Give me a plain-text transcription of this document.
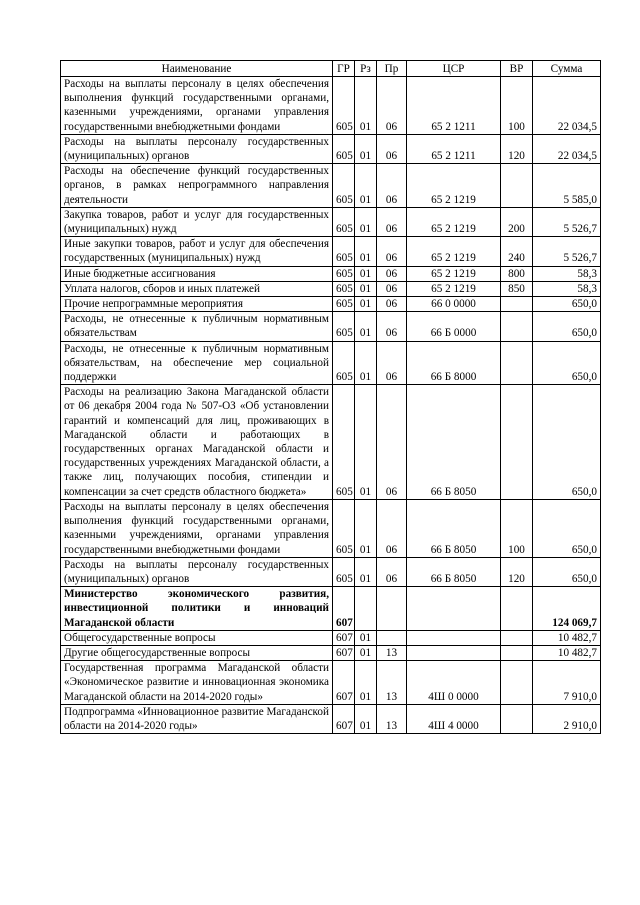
Наименование	ГР	Рз	Пр	ЦСР	ВР	Сумма
Расходы на выплаты персоналу в целях обеспечения выполнения функций государственными органами, казенными учреждениями, органами управления государственными внебюджетными фондами	605	01	06	65 2 1211	100	22 034,5
Расходы на выплаты персоналу государственных (муниципальных) органов	605	01	06	65 2 1211	120	22 034,5
Расходы на обеспечение функций государственных органов, в рамках непрограммного направления деятельности	605	01	06	65 2 1219		5 585,0
Закупка товаров, работ и услуг для государственных (муниципальных) нужд	605	01	06	65 2 1219	200	5 526,7
Иные закупки товаров, работ и услуг для обеспечения государственных (муниципальных) нужд	605	01	06	65 2 1219	240	5 526,7
Иные бюджетные ассигнования	605	01	06	65 2 1219	800	58,3
Уплата налогов, сборов и иных платежей	605	01	06	65 2 1219	850	58,3
Прочие непрограммные мероприятия	605	01	06	66 0 0000		650,0
Расходы, не отнесенные к публичным нормативным обязательствам	605	01	06	66 Б 0000		650,0
Расходы, не отнесенные к публичным нормативным обязательствам, на обеспечение мер социальной поддержки	605	01	06	66 Б 8000		650,0
Расходы на реализацию Закона Магаданской области от 06 декабря 2004 года № 507-ОЗ «Об установлении гарантий и компенсаций для лиц, проживающих в Магаданской области и работающих в государственных органах Магаданской области и государственных учреждениях Магаданской области, а также лиц, получающих пособия, стипендии и компенсации за счет средств областного бюджета»	605	01	06	66 Б 8050		650,0
Расходы на выплаты персоналу в целях обеспечения выполнения функций государственными органами, казенными учреждениями, органами управления государственными внебюджетными фондами	605	01	06	66 Б 8050	100	650,0
Расходы на выплаты персоналу государственных (муниципальных) органов	605	01	06	66 Б 8050	120	650,0
Министерство экономического развития, инвестиционной политики и инноваций Магаданской области	607					124 069,7
Общегосударственные вопросы	607	01				10 482,7
Другие общегосударственные вопросы	607	01	13			10 482,7
Государственная программа Магаданской области «Экономическое развитие и инновационная экономика Магаданской области на 2014-2020 годы»	607	01	13	4Ш 0 0000		7 910,0
Подпрограмма «Инновационное развитие Магаданской области на 2014-2020 годы»	607	01	13	4Ш 4 0000		2 910,0
